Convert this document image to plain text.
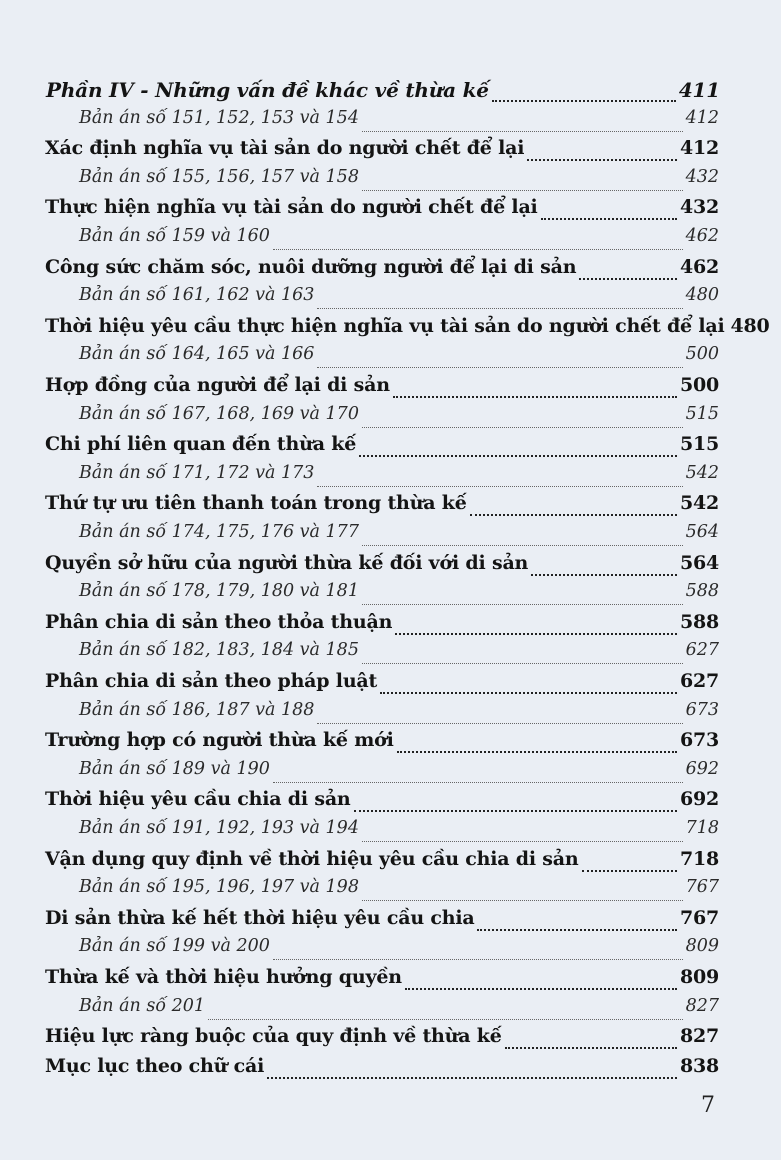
Phần IV - Những vấn đề khác về thừa kế	411
Bản án số 151, 152, 153 và 154	412
Xác định nghĩa vụ tài sản do người chết để lại	412
Bản án số 155, 156, 157 và 158	432
Thực hiện nghĩa vụ tài sản do người chết để lại	432
Bản án số 159 và 160	462
Công sức chăm sóc, nuôi dưỡng người để lại di sản	462
Bản án số 161, 162 và 163	480
Thời hiệu yêu cầu thực hiện nghĩa vụ tài sản do người chết để lại 480
Bản án số 164, 165 và 166	500
Hợp đồng của người để lại di sản	500
Bản án số 167, 168, 169 và 170	515
Chi phí liên quan đến thừa kế	515
Bản án số 171, 172 và 173	542
Thứ tự ưu tiên thanh toán trong thừa kế	542
Bản án số 174, 175, 176 và 177	564
Quyền sở hữu của người thừa kế đối với di sản	564
Bản án số 178, 179, 180 và 181	588
Phân chia di sản theo thỏa thuận	588
Bản án số 182, 183, 184 và 185	627
Phân chia di sản theo pháp luật	627
Bản án số 186, 187 và 188	673
Trường hợp có người thừa kế mới	673
Bản án số 189 và 190	692
Thời hiệu yêu cầu chia di sản	692
Bản án số 191, 192, 193 và 194	718
Vận dụng quy định về thời hiệu yêu cầu chia di sản	718
Bản án số 195, 196, 197 và 198	767
Di sản thừa kế hết thời hiệu yêu cầu chia	767
Bản án số 199 và 200	809
Thừa kế và thời hiệu hưởng quyền	809
Bản án số 201	827
Hiệu lực ràng buộc của quy định về thừa kế	827
Mục lục theo chữ cái	838
7
